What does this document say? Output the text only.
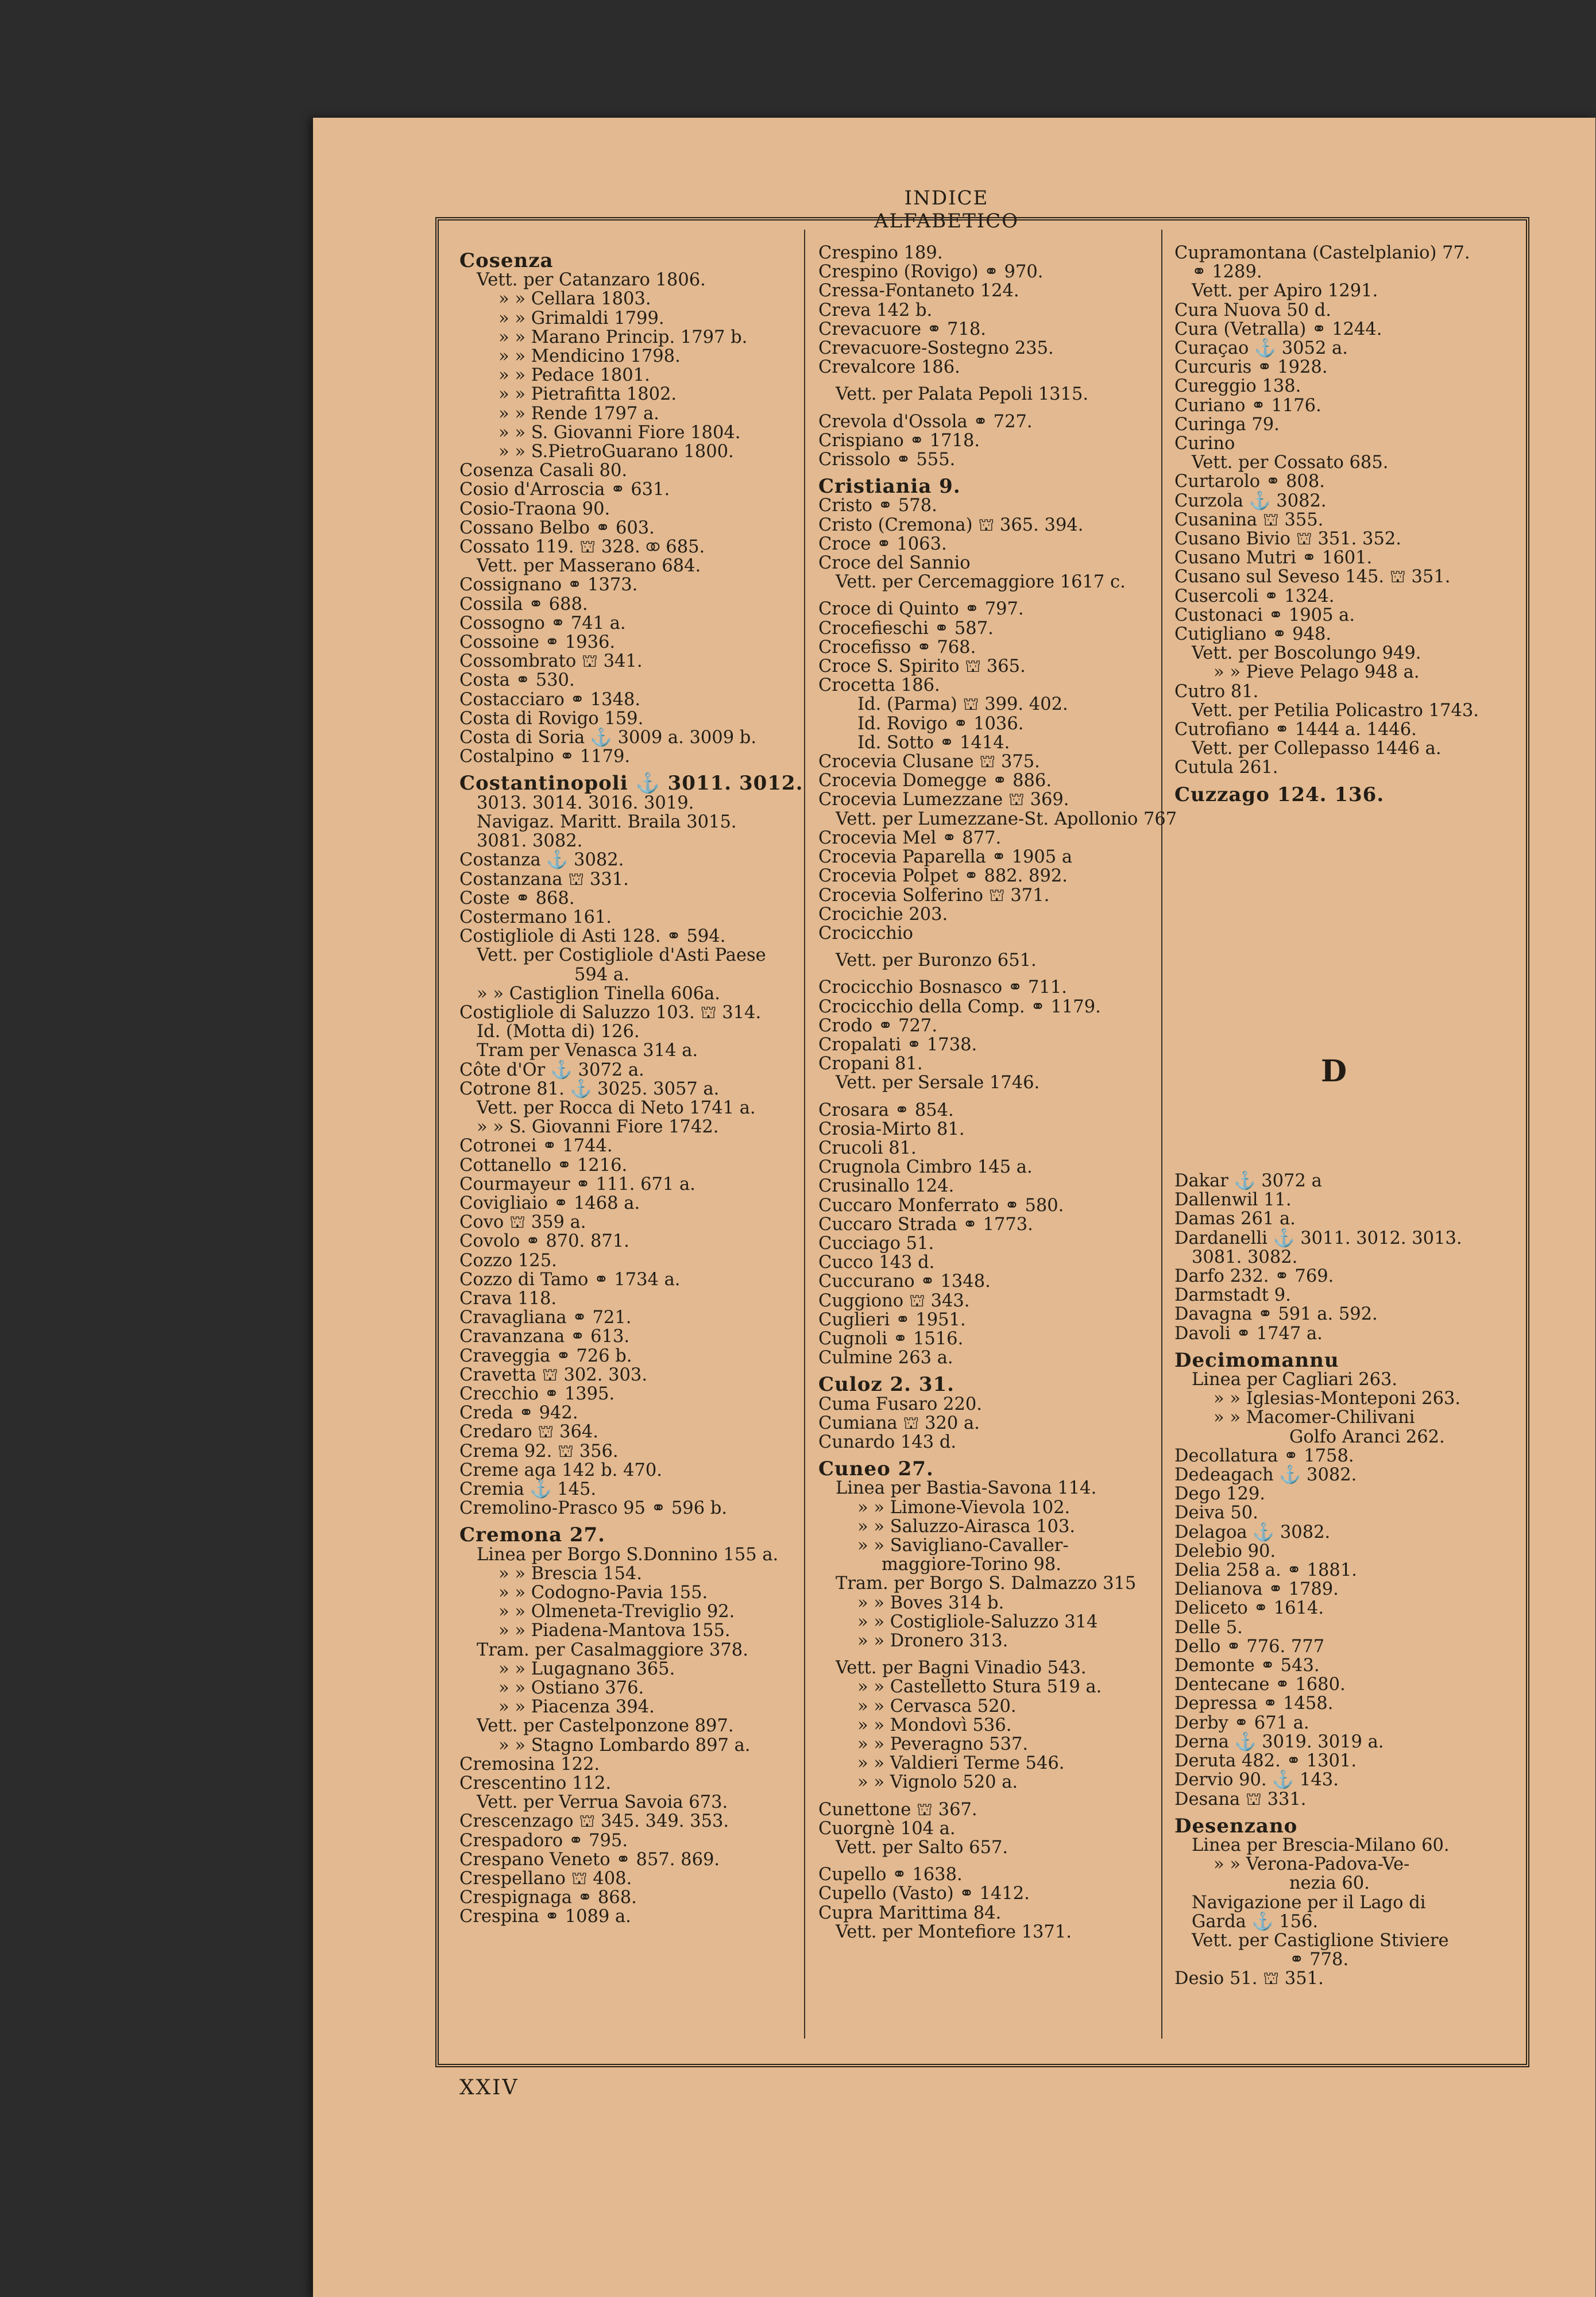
INDICE ALFABETICO
Cosenza
Vett. per Catanzaro 1806.
» » Cellara 1803.
» » Grimaldi 1799.
» » Marano Princip. 1797 b.
» » Mendicino 1798.
» » Pedace 1801.
» » Pietrafitta 1802.
» » Rende 1797 a.
» » S. Giovanni Fiore 1804.
» » S.PietroGuarano 1800.
Cosenza Casali 80.
Cosio d'Arroscia ⚭ 631.
Cosio-Traona 90.
Cossano Belbo ⚭ 603.
Cossato 119. ⛫ 328. ⚭ 685.
Vett. per Masserano 684.
Cossignano ⚭ 1373.
Cossila ⚭ 688.
Cossogno ⚭ 741 a.
Cossoine ⚭ 1936.
Cossombrato ⛫ 341.
Costa ⚭ 530.
Costacciaro ⚭ 1348.
Costa di Rovigo 159.
Costa di Soria ⚓ 3009 a. 3009 b.
Costalpino ⚭ 1179.
Costantinopoli ⚓ 3011. 3012.
3013. 3014. 3016. 3019.
Navigaz. Maritt. Braila 3015.
3081. 3082.
Costanza ⚓ 3082.
Costanzana ⛫ 331.
Coste ⚭ 868.
Costermano 161.
Costigliole di Asti 128. ⚭ 594.
Vett. per Costigliole d'Asti Paese
594 a.
» » Castiglion Tinella 606a.
Costigliole di Saluzzo 103. ⛫ 314.
Id. (Motta di) 126.
Tram per Venasca 314 a.
Côte d'Or ⚓ 3072 a.
Cotrone 81. ⚓ 3025. 3057 a.
Vett. per Rocca di Neto 1741 a.
» » S. Giovanni Fiore 1742.
Cotronei ⚭ 1744.
Cottanello ⚭ 1216.
Courmayeur ⚭ 111. 671 a.
Covigliaio ⚭ 1468 a.
Covo ⛫ 359 a.
Covolo ⚭ 870. 871.
Cozzo 125.
Cozzo di Tamo ⚭ 1734 a.
Crava 118.
Cravagliana ⚭ 721.
Cravanzana ⚭ 613.
Craveggia ⚭ 726 b.
Cravetta ⛫ 302. 303.
Crecchio ⚭ 1395.
Creda ⚭ 942.
Credaro ⛫ 364.
Crema 92. ⛫ 356.
Creme aga 142 b. 470.
Cremia ⚓ 145.
Cremolino-Prasco 95 ⚭ 596 b.
Cremona 27.
Linea per Borgo S.Donnino 155 a.
» » Brescia 154.
» » Codogno-Pavia 155.
» » Olmeneta-Treviglio 92.
» » Piadena-Mantova 155.
Tram. per Casalmaggiore 378.
» » Lugagnano 365.
» » Ostiano 376.
» » Piacenza 394.
Vett. per Castelponzone 897.
» » Stagno Lombardo 897 a.
Cremosina 122.
Crescentino 112.
Vett. per Verrua Savoia 673.
Crescenzago ⛫ 345. 349. 353.
Crespadoro ⚭ 795.
Crespano Veneto ⚭ 857. 869.
Crespellano ⛫ 408.
Crespignaga ⚭ 868.
Crespina ⚭ 1089 a.
Crespino 189.
Crespino (Rovigo) ⚭ 970.
Cressa-Fontaneto 124.
Creva 142 b.
Crevacuore ⚭ 718.
Crevacuore-Sostegno 235.
Crevalcore 186.
Vett. per Palata Pepoli 1315.
Crevola d'Ossola ⚭ 727.
Crispiano ⚭ 1718.
Crissolo ⚭ 555.
Cristiania 9.
Cristo ⚭ 578.
Cristo (Cremona) ⛫ 365. 394.
Croce ⚭ 1063.
Croce del Sannio
Vett. per Cercemaggiore 1617 c.
Croce di Quinto ⚭ 797.
Crocefieschi ⚭ 587.
Crocefisso ⚭ 768.
Croce S. Spirito ⛫ 365.
Crocetta 186.
Id. (Parma) ⛫ 399. 402.
Id. Rovigo ⚭ 1036.
Id. Sotto ⚭ 1414.
Crocevia Clusane ⛫ 375.
Crocevia Domegge ⚭ 886.
Crocevia Lumezzane ⛫ 369.
Vett. per Lumezzane-St. Apollonio 767
Crocevia Mel ⚭ 877.
Crocevia Paparella ⚭ 1905 a
Crocevia Polpet ⚭ 882. 892.
Crocevia Solferino ⛫ 371.
Crocichie 203.
Crocicchio
Vett. per Buronzo 651.
Crocicchio Bosnasco ⚭ 711.
Crocicchio della Comp. ⚭ 1179.
Crodo ⚭ 727.
Cropalati ⚭ 1738.
Cropani 81.
Vett. per Sersale 1746.
Crosara ⚭ 854.
Crosia-Mirto 81.
Crucoli 81.
Crugnola Cimbro 145 a.
Crusinallo 124.
Cuccaro Monferrato ⚭ 580.
Cuccaro Strada ⚭ 1773.
Cucciago 51.
Cucco 143 d.
Cuccurano ⚭ 1348.
Cuggiono ⛫ 343.
Cuglieri ⚭ 1951.
Cugnoli ⚭ 1516.
Culmine 263 a.
Culoz 2. 31.
Cuma Fusaro 220.
Cumiana ⛫ 320 a.
Cunardo 143 d.
Cuneo 27.
Linea per Bastia-Savona 114.
» » Limone-Vievola 102.
» » Saluzzo-Airasca 103.
» » Savigliano-Cavaller-
maggiore-Torino 98.
Tram. per Borgo S. Dalmazzo 315
» » Boves 314 b.
» » Costigliole-Saluzzo 314
» » Dronero 313.
Vett. per Bagni Vinadio 543.
» » Castelletto Stura 519 a.
» » Cervasca 520.
» » Mondovì 536.
» » Peveragno 537.
» » Valdieri Terme 546.
» » Vignolo 520 a.
Cunettone ⛫ 367.
Cuorgnè 104 a.
Vett. per Salto 657.
Cupello ⚭ 1638.
Cupello (Vasto) ⚭ 1412.
Cupra Marittima 84.
Vett. per Montefiore 1371.
Cupramontana (Castelplanio) 77.
⚭ 1289.
Vett. per Apiro 1291.
Cura Nuova 50 d.
Cura (Vetralla) ⚭ 1244.
Curaçao ⚓ 3052 a.
Curcuris ⚭ 1928.
Cureggio 138.
Curiano ⚭ 1176.
Curinga 79.
Curino
Vett. per Cossato 685.
Curtarolo ⚭ 808.
Curzola ⚓ 3082.
Cusanina ⛫ 355.
Cusano Bivio ⛫ 351. 352.
Cusano Mutri ⚭ 1601.
Cusano sul Seveso 145. ⛫ 351.
Cusercoli ⚭ 1324.
Custonaci ⚭ 1905 a.
Cutigliano ⚭ 948.
Vett. per Boscolungo 949.
» » Pieve Pelago 948 a.
Cutro 81.
Vett. per Petilia Policastro 1743.
Cutrofiano ⚭ 1444 a. 1446.
Vett. per Collepasso 1446 a.
Cutula 261.
Cuzzago 124. 136.
Dakar ⚓ 3072 a
Dallenwil 11.
Damas 261 a.
Dardanelli ⚓ 3011. 3012. 3013.
3081. 3082.
Darfo 232. ⚭ 769.
Darmstadt 9.
Davagna ⚭ 591 a. 592.
Davoli ⚭ 1747 a.
Decimomannu
Linea per Cagliari 263.
» » Iglesias-Monteponi 263.
» » Macomer-Chilivani
Golfo Aranci 262.
Decollatura ⚭ 1758.
Dedeagach ⚓ 3082.
Dego 129.
Deiva 50.
Delagoa ⚓ 3082.
Delebio 90.
Delia 258 a. ⚭ 1881.
Delianova ⚭ 1789.
Deliceto ⚭ 1614.
Delle 5.
Dello ⚭ 776. 777
Demonte ⚭ 543.
Dentecane ⚭ 1680.
Depressa ⚭ 1458.
Derby ⚭ 671 a.
Derna ⚓ 3019. 3019 a.
Deruta 482. ⚭ 1301.
Dervio 90. ⚓ 143.
Desana ⛫ 331.
Desenzano
Linea per Brescia-Milano 60.
» » Verona-Padova-Ve-
nezia 60.
Navigazione per il Lago di
Garda ⚓ 156.
Vett. per Castiglione Stiviere
⚭ 778.
Desio 51. ⛫ 351.
D
XXIV
